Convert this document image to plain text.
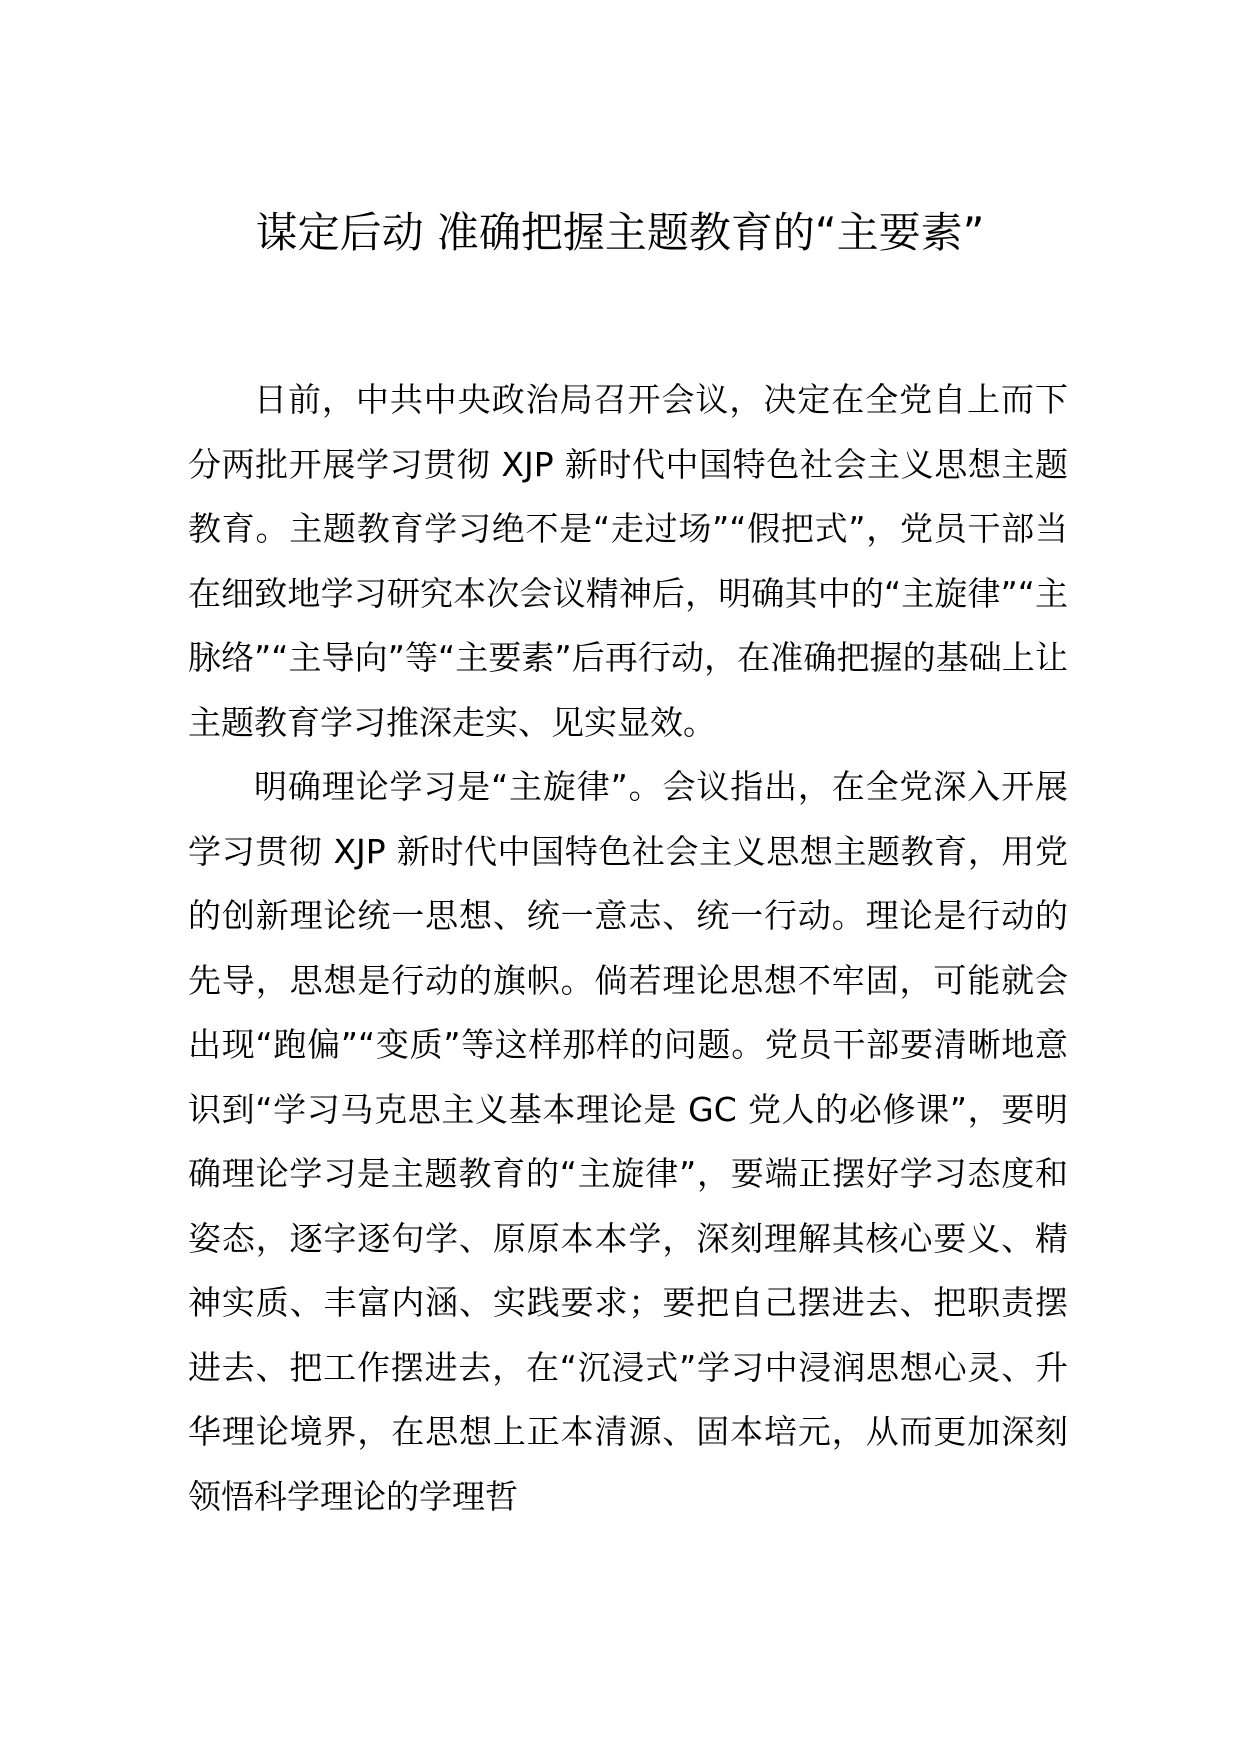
谋定后动 准确把握主题教育的“主要素”

日前，中共中央政治局召开会议，决定在全党自上而下分两批开展学习贯彻 XJP 新时代中国特色社会主义思想主题教育。主题教育学习绝不是“走过场”“假把式”，党员干部当在细致地学习研究本次会议精神后，明确其中的“主旋律”“主脉络”“主导向”等“主要素”后再行动，在准确把握的基础上让主题教育学习推深走实、见实显效。

明确理论学习是“主旋律”。会议指出，在全党深入开展学习贯彻 XJP 新时代中国特色社会主义思想主题教育，用党的创新理论统一思想、统一意志、统一行动。理论是行动的先导，思想是行动的旗帜。倘若理论思想不牢固，可能就会出现“跑偏”“变质”等这样那样的问题。党员干部要清晰地意识到“学习马克思主义基本理论是 GC 党人的必修课”，要明确理论学习是主题教育的“主旋律”，要端正摆好学习态度和姿态，逐字逐句学、原原本本学，深刻理解其核心要义、精神实质、丰富内涵、实践要求；要把自己摆进去、把职责摆进去、把工作摆进去，在“沉浸式”学习中浸润思想心灵、升华理论境界，在思想上正本清源、固本培元，从而更加深刻领悟科学理论的学理哲
